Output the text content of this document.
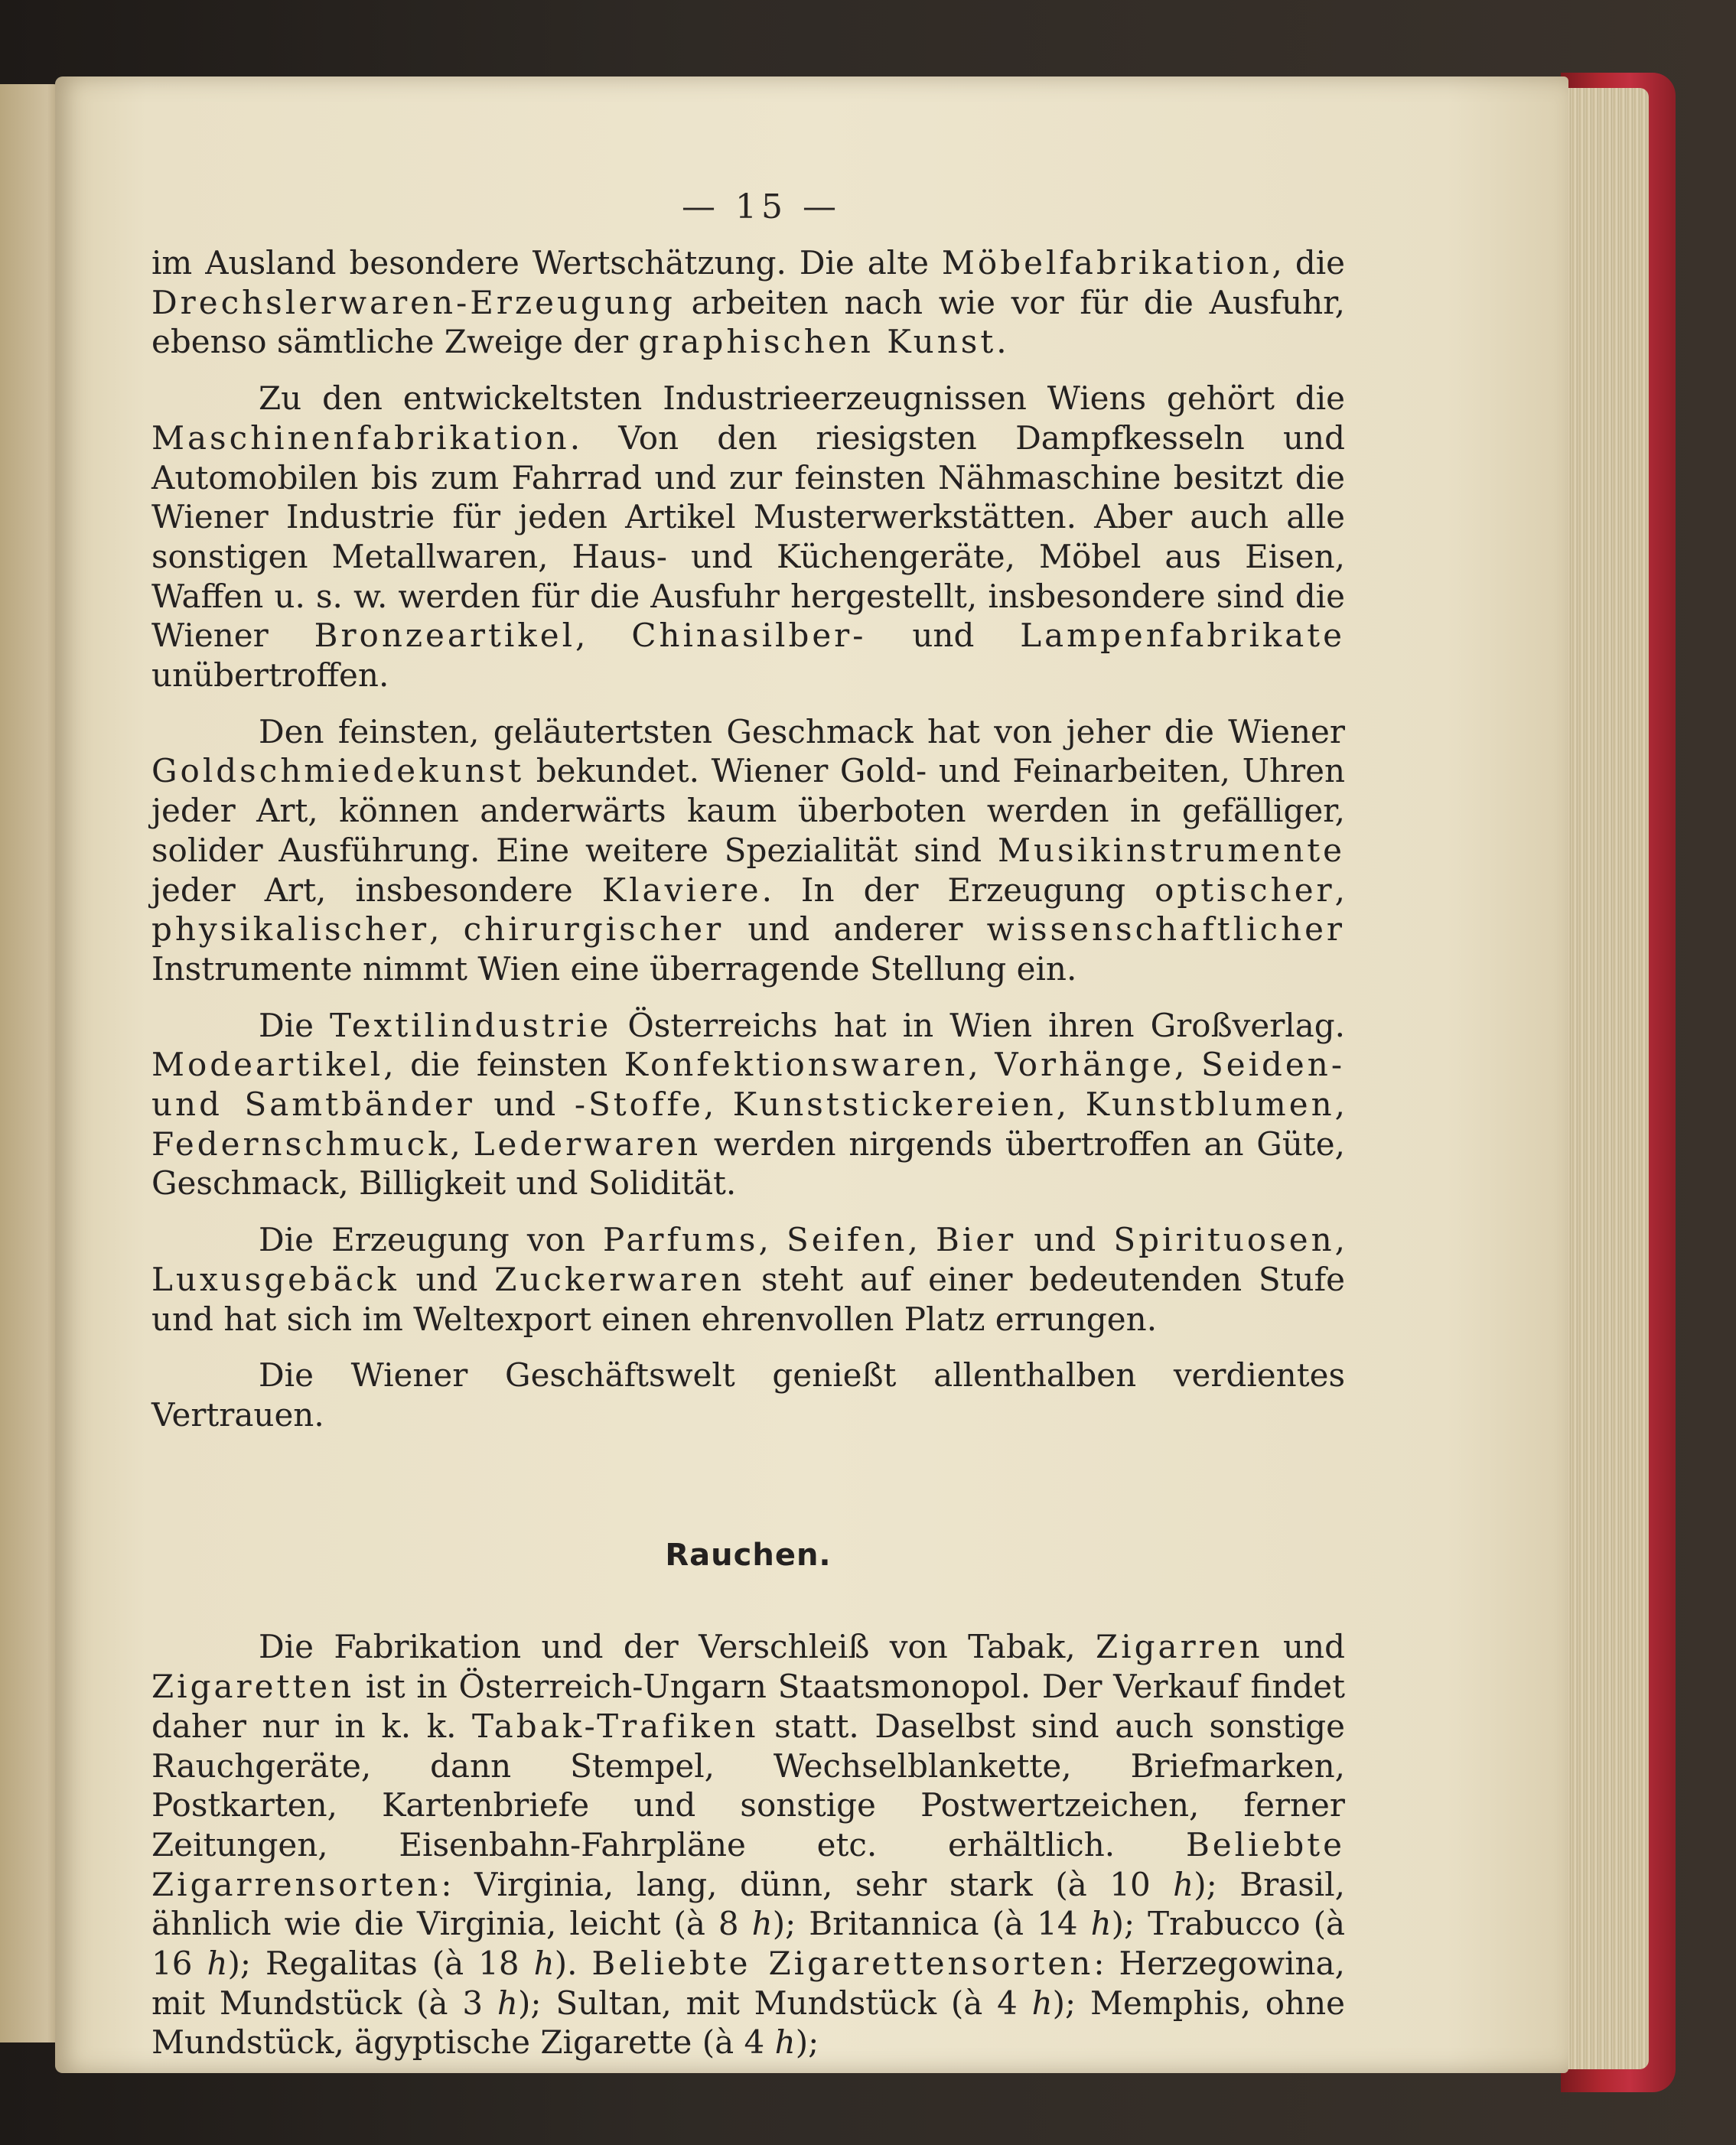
— 15 —

im Ausland besondere Wertschätzung. Die alte Möbelfabrikation, die Drechslerwaren-Erzeugung arbeiten nach wie vor für die Ausfuhr, ebenso sämtliche Zweige der graphischen Kunst.

Zu den entwickeltsten Industrieerzeugnissen Wiens gehört die Maschinenfabrikation. Von den riesigsten Dampfkesseln und Automobilen bis zum Fahrrad und zur feinsten Nähmaschine besitzt die Wiener Industrie für jeden Artikel Musterwerkstätten. Aber auch alle sonstigen Metallwaren, Haus- und Küchengeräte, Möbel aus Eisen, Waffen u. s. w. werden für die Ausfuhr hergestellt, insbesondere sind die Wiener Bronzeartikel, Chinasilber- und Lampenfabrikate unübertroffen.

Den feinsten, geläutertsten Geschmack hat von jeher die Wiener Goldschmiedekunst bekundet. Wiener Gold- und Feinarbeiten, Uhren jeder Art, können anderwärts kaum überboten werden in gefälliger, solider Ausführung. Eine weitere Spezialität sind Musikinstrumente jeder Art, insbesondere Klaviere. In der Erzeugung optischer, physikalischer, chirurgischer und anderer wissenschaftlicher Instrumente nimmt Wien eine überragende Stellung ein.

Die Textilindustrie Österreichs hat in Wien ihren Großverlag. Modeartikel, die feinsten Konfektionswaren, Vorhänge, Seiden- und Samtbänder und -Stoffe, Kunststickereien, Kunstblumen, Federnschmuck, Lederwaren werden nirgends übertroffen an Güte, Geschmack, Billigkeit und Solidität.

Die Erzeugung von Parfums, Seifen, Bier und Spirituosen, Luxusgebäck und Zuckerwaren steht auf einer bedeutenden Stufe und hat sich im Weltexport einen ehrenvollen Platz errungen.

Die Wiener Geschäftswelt genießt allenthalben verdientes Vertrauen.

Rauchen.

Die Fabrikation und der Verschleiß von Tabak, Zigarren und Zigaretten ist in Österreich-Ungarn Staatsmonopol. Der Verkauf findet daher nur in k. k. Tabak-Trafiken statt. Daselbst sind auch sonstige Rauchgeräte, dann Stempel, Wechselblankette, Briefmarken, Postkarten, Kartenbriefe und sonstige Postwertzeichen, ferner Zeitungen, Eisenbahn-Fahrpläne etc. erhältlich. Beliebte Zigarrensorten: Virginia, lang, dünn, sehr stark (à 10 h); Brasil, ähnlich wie die Virginia, leicht (à 8 h); Britannica (à 14 h); Trabucco (à 16 h); Regalitas (à 18 h). Beliebte Zigarettensorten: Herzegowina, mit Mundstück (à 3 h); Sultan, mit Mundstück (à 4 h); Memphis, ohne Mundstück, ägyptische Zigarette (à 4 h);
